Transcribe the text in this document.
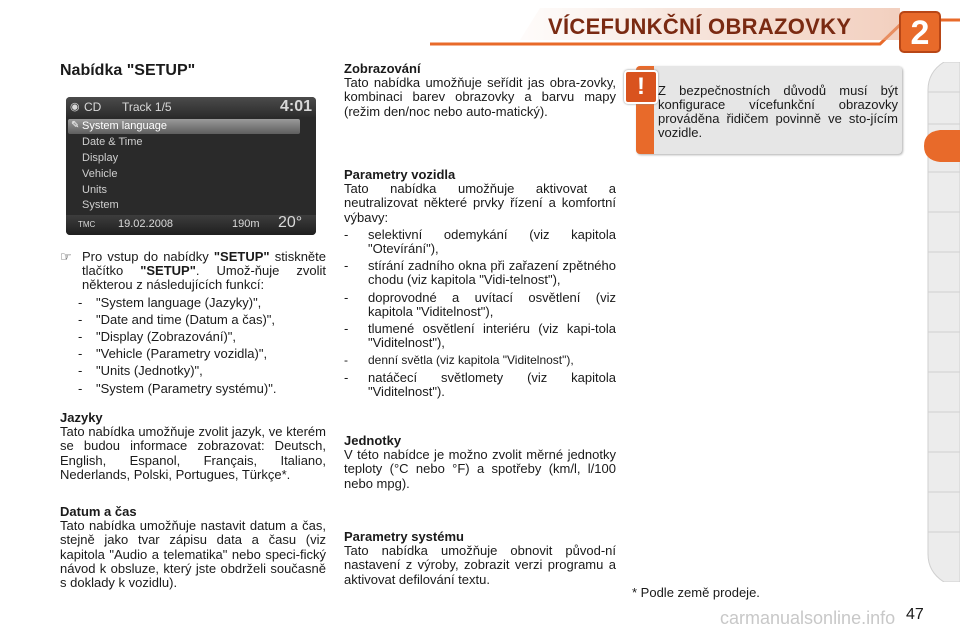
VÍCEFUNKČNÍ OBRAZOVKY	2
Nabídka "SETUP"
◉ CD Track 1/5	4:01
✎ System language
Date & Time
Display
Vehicle
Units
System
TMC 19.02.2008	190m 20°
☞ Pro vstup do nabídky "SETUP" stiskněte tlačítko "SETUP". Umož-ňuje zvolit některou z následujících funkcí:

- "System language (Jazyky)",
- "Date and time (Datum a čas)",
- "Display (Zobrazování)",
- "Vehicle (Parametry vozidla)",
- "Units (Jednotky)",
- "System (Parametry systému)".

Jazyky

Tato nabídka umožňuje zvolit jazyk, ve kterém se budou informace zobrazovat: Deutsch, English, Espanol, Français, Italiano, Nederlands, Polski, Portugues, Türkçe*.

Datum a čas

Tato nabídka umožňuje nastavit datum a čas, stejně jako tvar zápisu data a času (viz kapitola "Audio a telematika" nebo speci-fický návod k obsluze, který jste obdrželi současně s doklady k vozidlu).

Zobrazování

Tato nabídka umožňuje seřídit jas obra-zovky, kombinaci barev obrazovky a barvu mapy (režim den/noc nebo auto-matický).

Parametry vozidla

Tato nabídka umožňuje aktivovat a neutralizovat některé prvky řízení a komfortní výbavy:

- selektivní odemykání (viz kapitola "Otevírání"),
- stírání zadního okna při zařazení zpětného chodu (viz kapitola "Vidi-telnost"),
- doprovodné a uvítací osvětlení (viz kapitola "Viditelnost"),
- tlumené osvětlení interiéru (viz kapi-tola "Viditelnost"),
- denní světla (viz kapitola "Viditelnost"),
- natáčecí světlomety (viz kapitola "Viditelnost").

Jednotky

V této nabídce je možno zvolit měrné jednotky teploty (°C nebo °F) a spotřeby (km/l, l/100 nebo mpg).

Parametry systému

Tato nabídka umožňuje obnovit původ-ní nastavení z výroby, zobrazit verzi programu a aktivovat defilování textu.

!	Z bezpečnostních důvodů musí být konfigurace vícefunkční obrazovky prováděna řidičem povinně ve sto-jícím vozidle.
* Podle země prodeje.
carmanualsonline.info 47
